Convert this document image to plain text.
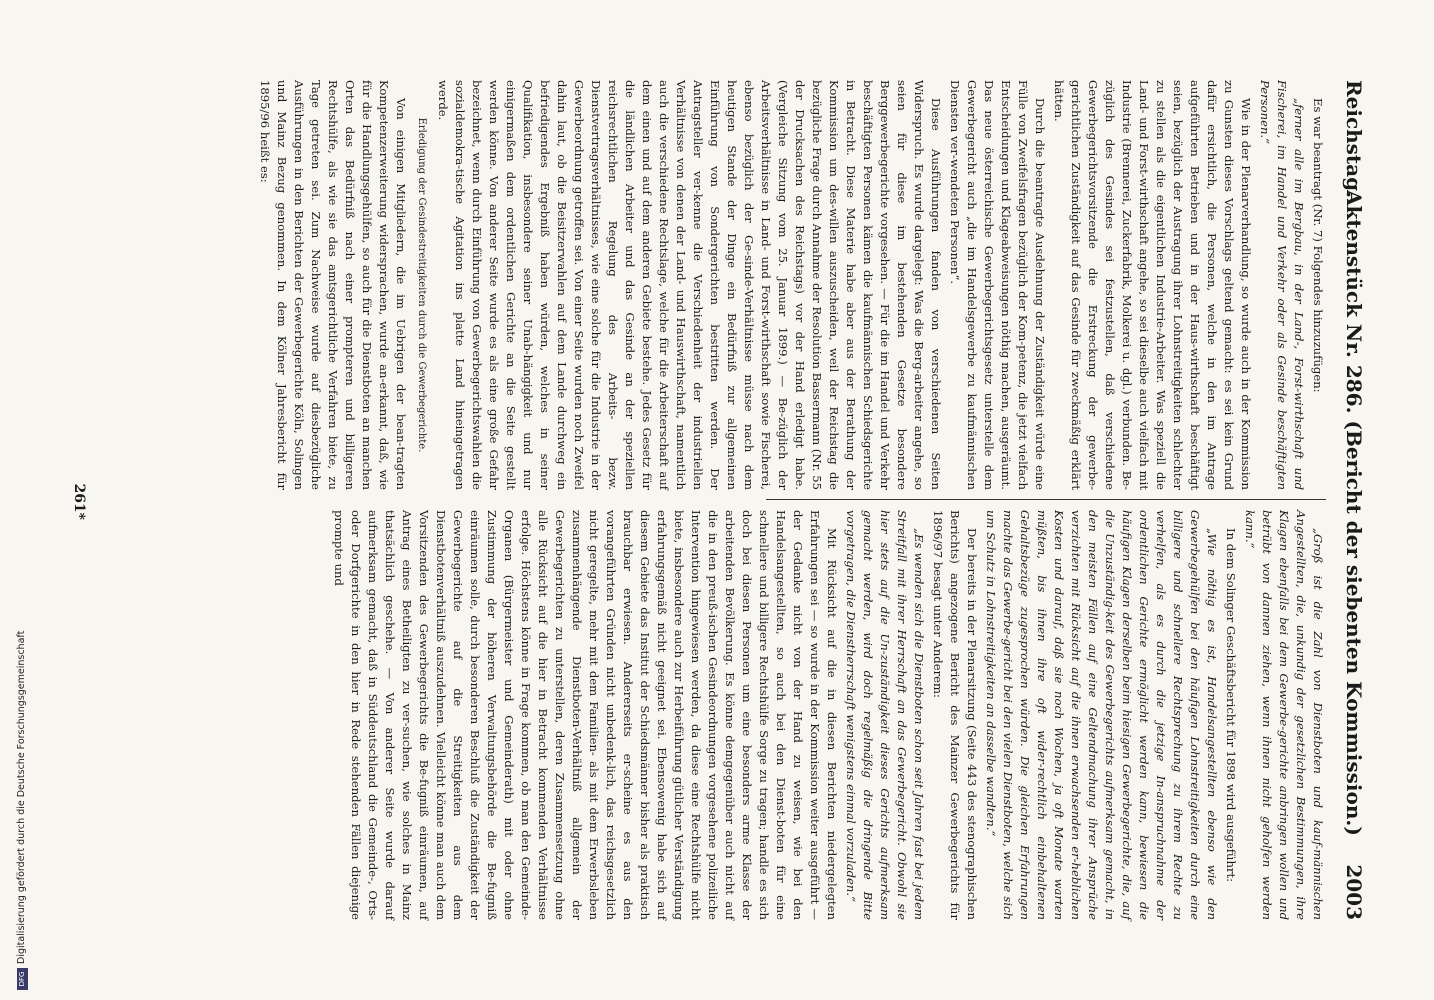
Reichstag.
Aktenstück Nr. 286. (Bericht der siebenten Kommission.)
2003

Es war beantragt (Nr. 7) Folgendes hinzuzufügen:

„ferner alle im Bergbau, in der Land-, Forst-wirthschaft und Fischerei, im Handel und Verkehr oder als Gesinde beschäftigten Personen.“

Wie in der Plenarverhandlung, so wurde auch in der Kommission zu Gunsten dieses Vorschlags geltend gemacht: es sei kein Grund dafür ersichtlich, die Personen, welche in den im Antrage aufgeführten Betrieben und in der Haus-wirthschaft beschäftigt seien, bezüglich der Austragung ihrer Lohnstreitigkeiten schlechter zu stellen als die eigentlichen Industrie-Arbeiter. Was speziell die Land- und Forst-wirthschaft angehe, so sei dieselbe auch vielfach mit Industrie (Brennerei, Zuckerfabrik, Molkerei u. dgl.) verbunden. Be-züglich des Gesindes sei festzustellen, daß verschiedene Gewerbegerichtsvorsitzende die Erstreckung der gewerbe-gerichtlichen Zuständigkeit auf das Gesinde für zweckmäßig erklärt hätten.

Durch die beantragte Ausdehnung der Zuständigkeit würde eine Fülle von Zweifelsfragen bezüglich der Kom-petenz, die jetzt vielfach Entscheidungen und Klageabweisungen nöthig machen, ausgeräumt. Das neue österreichische Gewerbegerichtsgesetz unterstelle dem Gewerbegericht auch „die im Handelsgewerbe zu kaufmännischen Diensten ver-wendeten Personen“.

Diese Ausführungen fanden von verschiedenen Seiten Widerspruch. Es wurde dargelegt: Was die Berg-arbeiter angehe, so seien für diese im bestehenden Gesetze besondere Berggewerbegerichte vorgesehen. — Für die im Handel und Verkehr beschäftigten Personen kämen die kaufmännischen Schiedsgerichte in Betracht. Diese Materie habe aber aus der Berathung der Kommission um des-willen auszuscheiden, weil der Reichstag die bezügliche Frage durch Annahme der Resolution Bassermann (Nr. 55 der Drucksachen des Reichstags) vor der Hand erledigt habe. (Vergleiche Sitzung vom 25. Januar 1899.) — Be-züglich der Arbeitsverhältnisse in Land- und Forst-wirthschaft sowie Fischerei, ebenso bezüglich der Ge-sinde-Verhältnisse müsse nach dem heutigen Stande der Dinge ein Bedürfniß zur allgemeinen Einführung von Sondergerichten bestritten werden. Der Antragsteller ver-kenne die Verschiedenheit der industriellen Verhältnisse von denen der Land- und Hauswirthschaft, namentlich auch die verschiedene Rechtslage, welche für die Arbeiterschaft auf dem einen und auf dem anderen Gebiete bestehe. Jedes Gesetz für die ländlichen Arbeiter und das Gesinde an der speziellen reichsrechtlichen Regelung des Arbeits- bezw. Dienstvertragsverhältnisses, wie eine solche für die Industrie in der Gewerbeordnung getroffen sei. Von einer Seite wurden noch Zweifel dahin laut, ob die Beisitzerwahlen auf dem Lande durchweg ein befriedigendes Ergebniß haben würden, welches in seiner Qualifikation, insbesondere seiner Unab-hängigkeit und nur einigermaßen dem ordentlichen Gerichte an die Seite gestellt werden könne. Von anderer Seite wurde es als eine große Gefahr bezeichnet, wenn durch Einführung von Gewerbegerichtswahlen die sozialdemokra-tische Agitation ins platte Land hineingetragen werde.

Erledigung der Gesindestreitigkeiten durch die Gewerbegerichte.

Von einigen Mitgliedern, die im Uebrigen der bean-tragten Kompetenzerweiterung widersprachen, wurde an-erkannt, daß, wie für die Handlungsgehülfen, so auch für die Dienstboten an manchen Orten das Bedürfniß nach einer prompteren und billigeren Rechtshülfe, als wie sie das amtsgerichtliche Verfahren biete, zu Tage getreten sei. Zum Nachweise wurde auf diesbezügliche Ausführungen in den Berichten der Gewerbegerichte Köln, Solingen und Mainz Bezug genommen. In dem Kölner Jahresbericht für 1895/96 heißt es:

„Groß ist die Zahl von Dienstboten und kauf-männischen Angestellten, die, unkundig der gesetzlichen Bestimmungen, ihre Klagen ebenfalls bei dem Gewerbe-gerichte anbringen wollen und betrübt von dannen ziehen, wenn ihnen nicht geholfen werden kann.“

In dem Solinger Geschäftsbericht für 1898 wird ausgeführt:

„Wie nöthig es ist, Handelsangestellten ebenso wie den Gewerbegehülfen bei den häufigen Lohnstreitigkeiten durch eine billigere und schnellere Rechtsprechung zu ihrem Rechte zu verhelfen, als es durch die jetzige In-anspruchnahme der ordentlichen Gerichte ermöglicht werden kann, bewiesen die häufigen Klagen derselben beim hiesigen Gewerbegerichte, die, auf die Unzuständig-keit des Gewerbegerichts aufmerksam gemacht, in den meisten Fällen auf eine Geltendmachung ihrer Ansprüche verzichten mit Rücksicht auf die ihnen erwachsenden er-heblichen Kosten und darauf, daß sie noch Wochen, ja oft Monate warten müßten, bis ihnen ihre oft wider-rechtlich einbehaltenen Gehaltsbezüge zugesprochen würden. Die gleichen Erfahrungen machte das Gewerbe-gericht bei den vielen Dienstboten, welche sich um Schutz in Lohnstreitigkeiten an dasselbe wandten.“

Der bereits in der Plenarsitzung (Seite 443 des stenographischen Berichts) angezogene Bericht des Mainzer Gewerbegerichts für 1896/97 besagt unter Anderem:

„Es wenden sich die Dienstboten schon seit Jahren fast bei jedem Streitfall mit ihrer Herrschaft an das Gewerbegericht. Obwohl sie hier stets auf die Un-zuständigkeit dieses Gerichts aufmerksam gemacht werden, wird doch regelmäßig die dringende Bitte vorgetragen, die Dienstherrschaft wenigstens einmal vorzuladen.“

Mit Rücksicht auf die in diesen Berichten niedergelegten Erfahrungen sei — so wurde in der Kommission weiter ausgeführt — der Gedanke nicht von der Hand zu weisen, wie bei den Handelsangestellten, so auch bei den Dienst-boten für eine schnellere und billigere Rechtshülfe Sorge zu tragen; handle es sich doch bei diesen Personen um eine besonders arme Klasse der arbeitenden Bevölkerung. Es könne demgegenüber auch nicht auf die in den preuß-ischen Gesindeordnungen vorgesehene polizeiliche Intervention hingewiesen werden, da diese eine Rechtshülfe nicht biete, insbesondere auch zur Herbeiführung gütlicher Verständigung erfahrungsgemäß nicht geeignet sei. Ebensowenig habe sich auf diesem Gebiete das Institut der Schiedsmänner bisher als praktisch brauchbar erwiesen. Andererseits er-scheine es aus den vorangeführten Gründen nicht unbedenk-lich, das reichsgesetzlich nicht geregelte, mehr mit dem Familien- als mit dem Erwerbsleben zusammenhängende Dienstboten-Verhältniß allgemein der Gewerbegerichten zu unterstellen, deren Zusammensetzung ohne alle Rücksicht auf die hier in Betracht kommenden Verhältnisse erfolge. Höchstens könne in Frage kommen, ob man den Gemeinde-Organen (Bürgermeister und Gemeinderath) mit oder ohne Zustimmung der höheren Verwaltungsbehörde die Be-fugniß einräumen solle, durch besonderen Beschluß die Zuständigkeit der Gewerbegerichte auf die Streitigkeiten aus dem Dienstbotenverhältniß auszudehnen. Vielleicht könne man auch dem Vorsitzenden des Gewerbegerichts die Be-fugniß einräumen, auf Antrag eines Betheiligten zu ver-suchen, wie solches in Mainz thatsächlich geschehe. — Von anderer Seite wurde darauf aufmerksam gemacht, daß in Süddeutschland die Gemeinde-, Orts- oder Dorfgerichte in den hier in Rede stehenden Fällen diejenige prompte und

261*
DFGDigitalisierung gefördert durch die Deutsche Forschungsgemeinschaft
